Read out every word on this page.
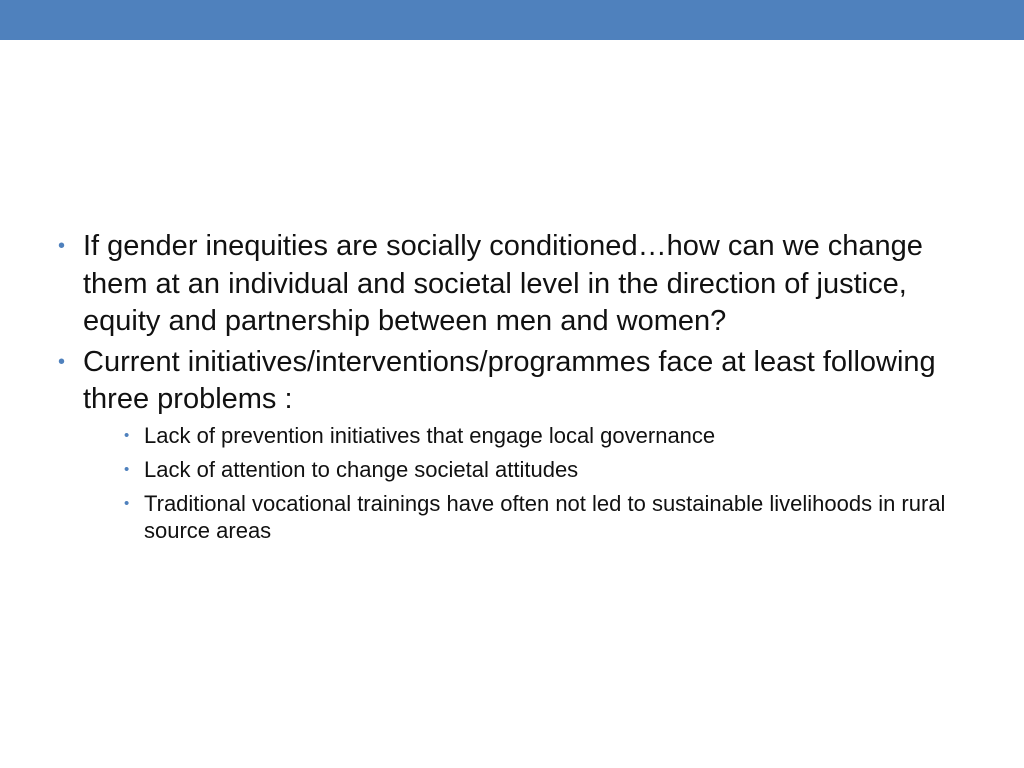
• If gender inequities are socially conditioned…how can we change them at an individual and societal level in the direction of justice, equity and partnership between men and women?
• Current initiatives/interventions/programmes face at least following three problems :
• Lack of prevention initiatives that engage local governance
• Lack of attention to change societal attitudes
• Traditional vocational trainings have often not led to sustainable livelihoods in rural source areas
